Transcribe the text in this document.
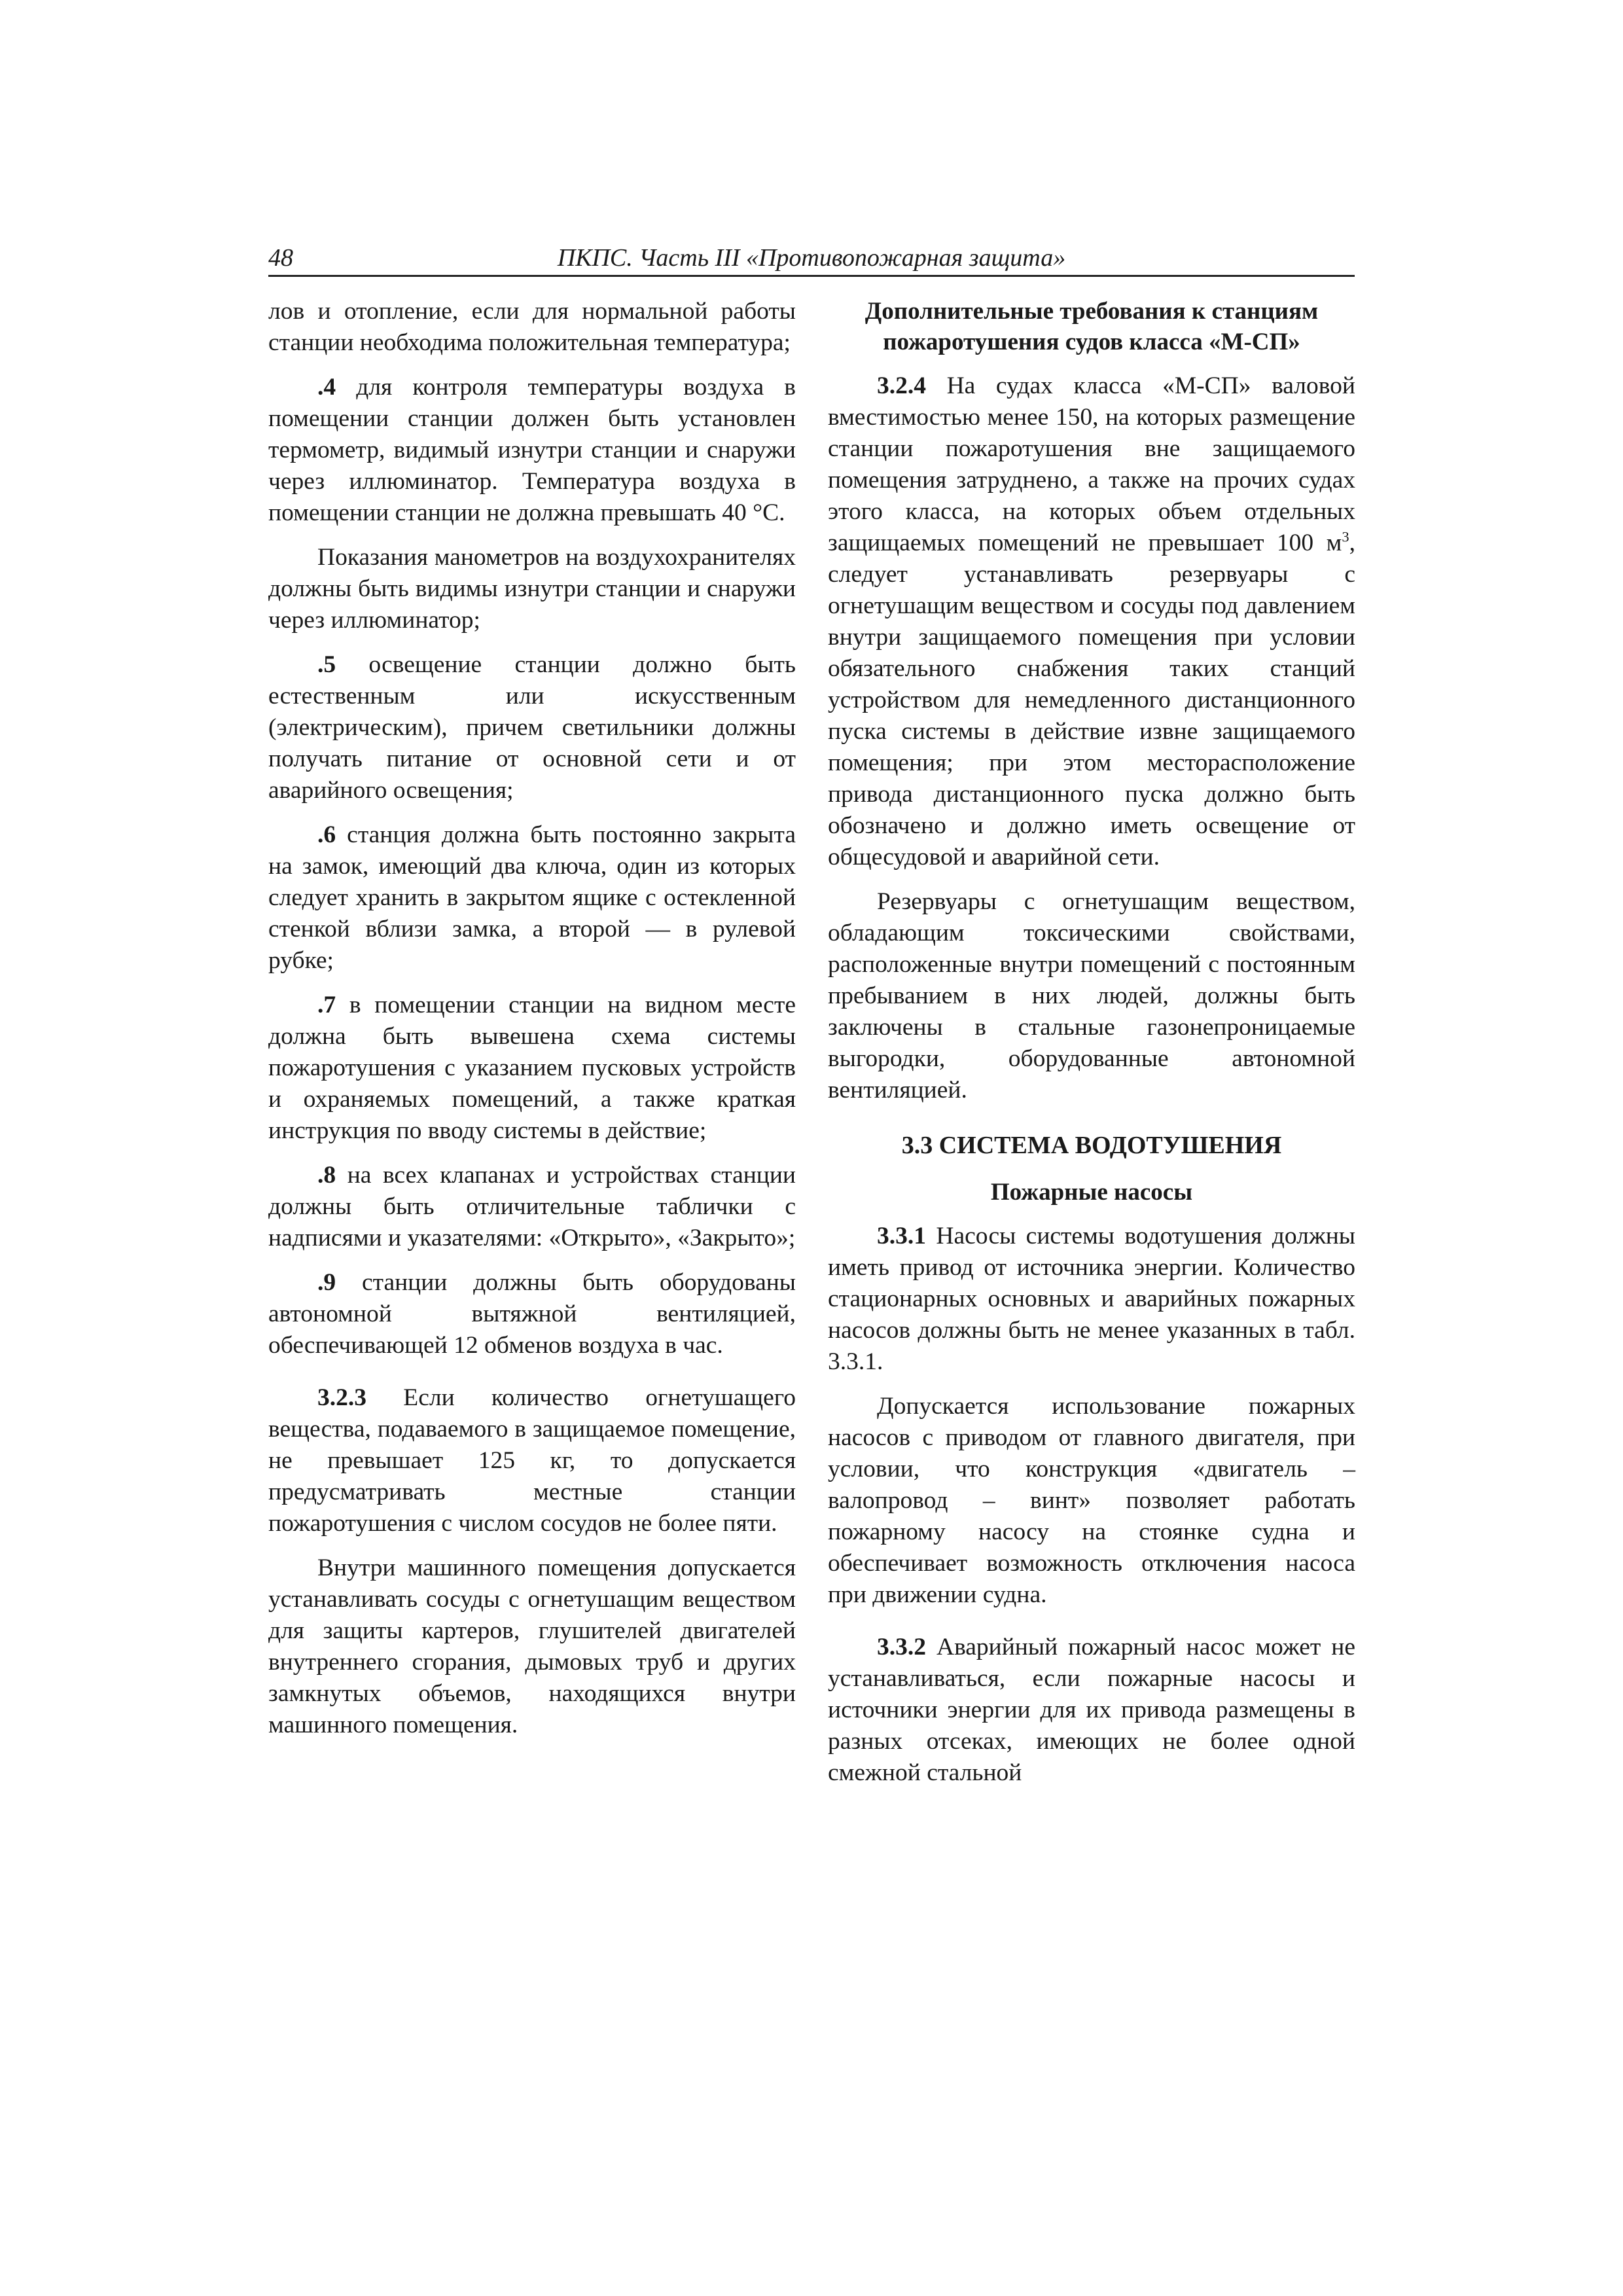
48	ПКПС. Часть III «Противопожарная защита»

лов и отопление, если для нормальной работы станции необходима положительная температура;

.4 для контроля температуры воздуха в помещении станции должен быть установлен термометр, видимый изнутри станции и снаружи через иллюминатор. Температура воздуха в помещении станции не должна превышать 40 °С.

Показания манометров на воздухохранителях должны быть видимы изнутри станции и снаружи через иллюминатор;

.5 освещение станции должно быть естественным или искусственным (электрическим), причем светильники должны получать питание от основной сети и от аварийного освещения;

.6 станция должна быть постоянно закрыта на замок, имеющий два ключа, один из которых следует хранить в закрытом ящике с остекленной стенкой вблизи замка, а второй — в рулевой рубке;

.7 в помещении станции на видном месте должна быть вывешена схема системы пожаротушения с указанием пусковых устройств и охраняемых помещений, а также краткая инструкция по вводу системы в действие;

.8 на всех клапанах и устройствах станции должны быть отличительные таблички с надписями и указателями: «Открыто», «Закрыто»;

.9 станции должны быть оборудованы автономной вытяжной вентиляцией, обеспечивающей 12 обменов воздуха в час.

3.2.3 Если количество огнетушащего вещества, подаваемого в защищаемое помещение, не превышает 125 кг, то допускается предусматривать местные станции пожаротушения с числом сосудов не более пяти.

Внутри машинного помещения допускается устанавливать сосуды с огнетушащим веществом для защиты картеров, глушителей двигателей внутреннего сгорания, дымовых труб и других замкнутых объемов, находящихся внутри машинного помещения.

Дополнительные требования к станциям пожаротушения судов класса «М-СП»

3.2.4 На судах класса «М-СП» валовой вместимостью менее 150, на которых размещение станции пожаротушения вне защищаемого помещения затруднено, а также на прочих судах этого класса, на которых объем отдельных защищаемых помещений не превышает 100 $м^3$, следует устанавливать резервуары с огнетушащим веществом и сосуды под давлением внутри защищаемого помещения при условии обязательного снабжения таких станций устройством для немедленного дистанционного пуска системы в действие извне защищаемого помещения; при этом месторасположение привода дистанционного пуска должно быть обозначено и должно иметь освещение от общесудовой и аварийной сети.

Резервуары с огнетушащим веществом, обладающим токсическими свойствами, расположенные внутри помещений с постоянным пребыванием в них людей, должны быть заключены в стальные газонепроницаемые выгородки, оборудованные автономной вентиляцией.

3.3 СИСТЕМА ВОДОТУШЕНИЯ
Пожарные насосы

3.3.1 Насосы системы водотушения должны иметь привод от источника энергии. Количество стационарных основных и аварийных пожарных насосов должны быть не менее указанных в табл. 3.3.1.

Допускается использование пожарных насосов с приводом от главного двигателя, при условии, что конструкция «двигатель – валопровод – винт» позволяет работать пожарному насосу на стоянке судна и обеспечивает возможность отключения насоса при движении судна.

3.3.2 Аварийный пожарный насос может не устанавливаться, если пожарные насосы и источники энергии для их привода размещены в разных отсеках, имеющих не более одной смежной стальной
